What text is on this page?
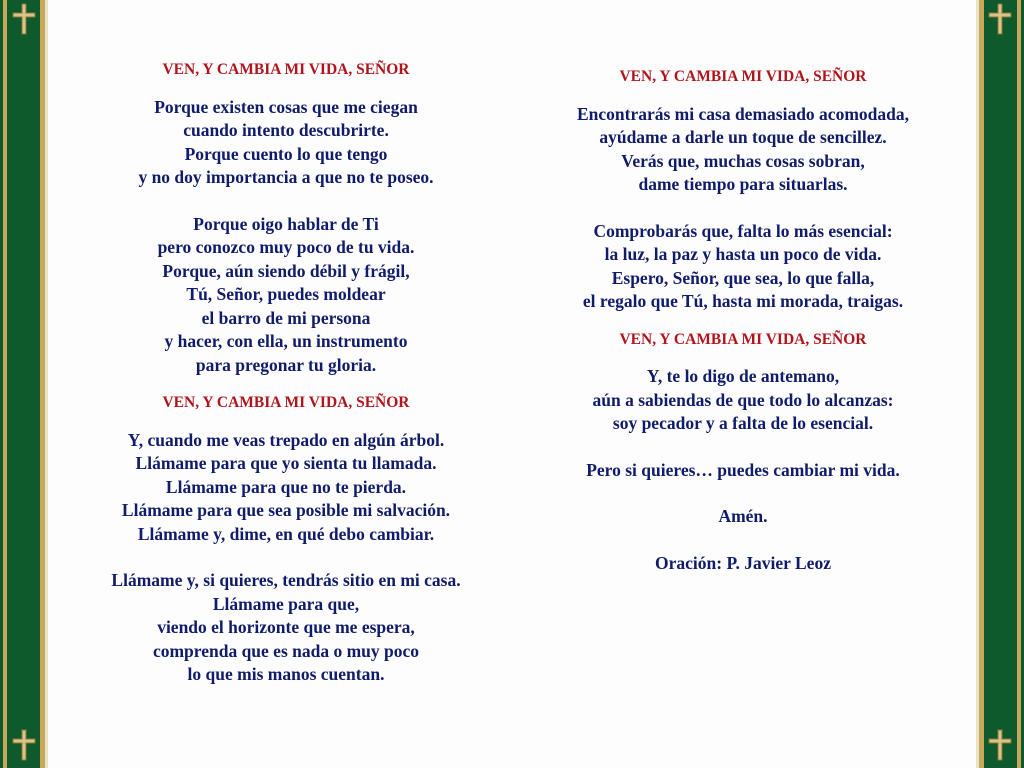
VEN, Y CAMBIA MI VIDA, SEÑOR
Porque existen cosas que me ciegan
cuando intento descubrirte.
Porque cuento lo que tengo
y no doy importancia a que no te poseo.
Porque oigo hablar de Ti
pero conozco muy poco de tu vida.
Porque, aún siendo débil y frágil,
Tú, Señor, puedes moldear
el barro de mi persona
y hacer, con ella, un instrumento
para pregonar tu gloria.
VEN, Y CAMBIA MI VIDA, SEÑOR
Y, cuando me veas trepado en algún árbol.
Llámame para que yo sienta tu llamada.
Llámame para que no te pierda.
Llámame para que sea posible mi salvación.
Llámame y, dime, en qué debo cambiar.
Llámame y, si quieres, tendrás sitio en mi casa.
Llámame para que,
viendo el horizonte que me espera,
comprenda que es nada o muy poco
lo que mis manos cuentan.
VEN, Y CAMBIA MI VIDA, SEÑOR
Encontrarás mi casa demasiado acomodada,
ayúdame a darle un toque de sencillez.
Verás que, muchas cosas sobran,
dame tiempo para situarlas.
Comprobarás que, falta lo más esencial:
la luz, la paz y hasta un poco de vida.
Espero, Señor, que sea, lo que falla,
el regalo que Tú, hasta mi morada, traigas.
VEN, Y CAMBIA MI VIDA, SEÑOR
Y, te lo digo de antemano,
aún a sabiendas de que todo lo alcanzas:
soy pecador y a falta de lo esencial.
Pero si quieres… puedes cambiar mi vida.
Amén.
Oración: P. Javier Leoz
